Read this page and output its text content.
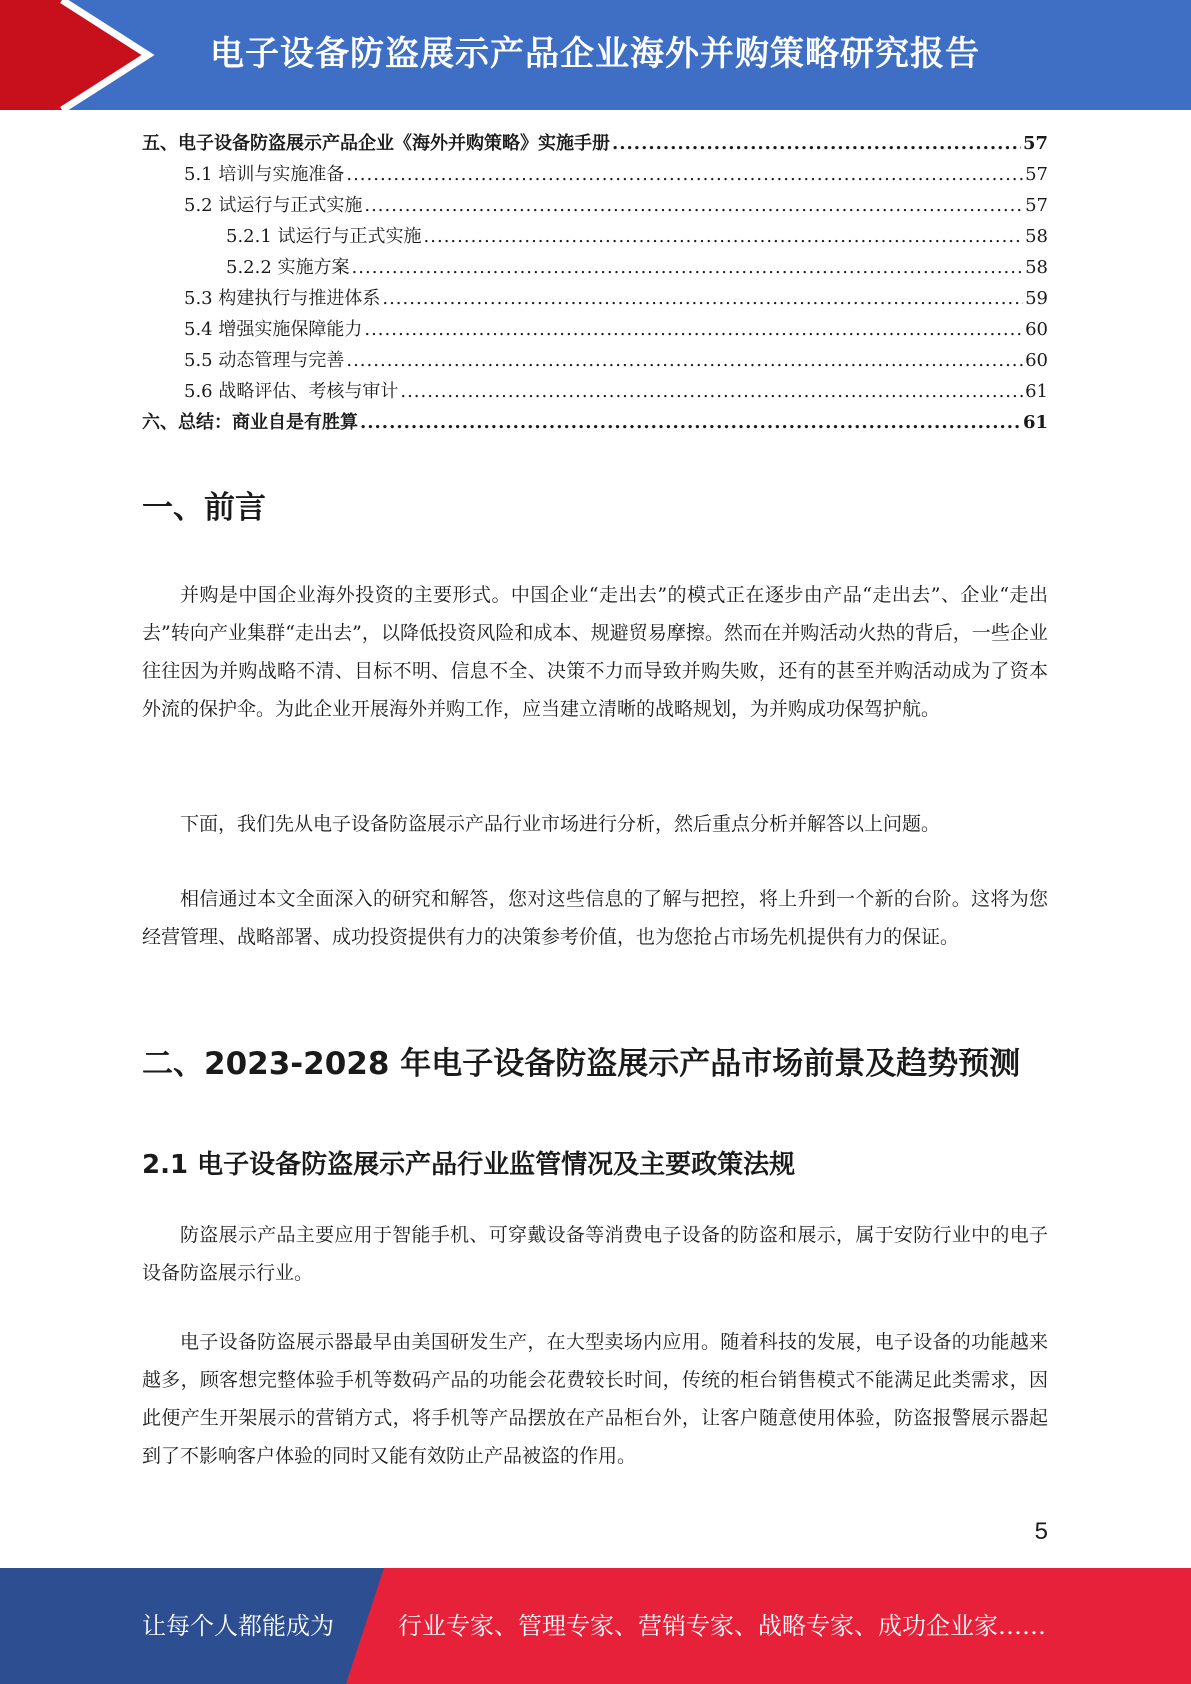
电子设备防盗展示产品企业海外并购策略研究报告
五、电子设备防盗展示产品企业《海外并购策略》实施手册 .....	57
5.1 培训与实施准备 .....	57
5.2 试运行与正式实施 .....	57
5.2.1 试运行与正式实施 .....	58
5.2.2 实施方案 .....	58
5.3 构建执行与推进体系 .....	59
5.4 增强实施保障能力 .....	60
5.5 动态管理与完善 .....	60
5.6 战略评估、考核与审计 .....	61
六、总结：商业自是有胜算 .....	61
一、前言

并购是中国企业海外投资的主要形式。中国企业“走出去”的模式正在逐步由产品“走出去”、企业“走出去”转向产业集群“走出去”，以降低投资风险和成本、规避贸易摩擦。然而在并购活动火热的背后，一些企业往往因为并购战略不清、目标不明、信息不全、决策不力而导致并购失败，还有的甚至并购活动成为了资本外流的保护伞。为此企业开展海外并购工作，应当建立清晰的战略规划，为并购成功保驾护航。

下面，我们先从电子设备防盗展示产品行业市场进行分析，然后重点分析并解答以上问题。

相信通过本文全面深入的研究和解答，您对这些信息的了解与把控，将上升到一个新的台阶。这将为您经营管理、战略部署、成功投资提供有力的决策参考价值，也为您抢占市场先机提供有力的保证。

二、2023-2028 年电子设备防盗展示产品市场前景及趋势预测
2.1 电子设备防盗展示产品行业监管情况及主要政策法规

防盗展示产品主要应用于智能手机、可穿戴设备等消费电子设备的防盗和展示，属于安防行业中的电子设备防盗展示行业。

电子设备防盗展示器最早由美国研发生产，在大型卖场内应用。随着科技的发展，电子设备的功能越来越多，顾客想完整体验手机等数码产品的功能会花费较长时间，传统的柜台销售模式不能满足此类需求，因此便产生开架展示的营销方式，将手机等产品摆放在产品柜台外，让客户随意使用体验，防盗报警展示器起到了不影响客户体验的同时又能有效防止产品被盗的作用。

5
让每个人都能成为	行业专家、管理专家、营销专家、战略专家、成功企业家……
